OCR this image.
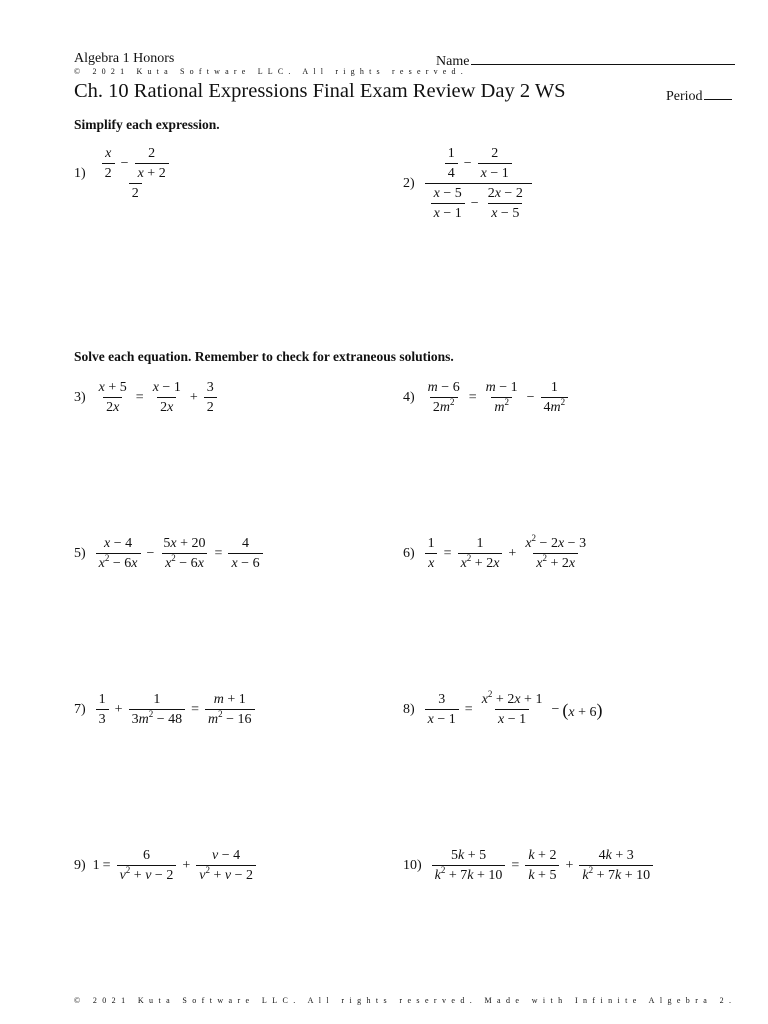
Algebra 1 Honors	Name
© 2021 Kuta Software LLC. All rights reserved.
Ch. 10 Rational Expressions Final Exam Review Day 2 WS	Period
Simplify each expression.
$1) \frac{\frac{x}{2} - \frac{2}{x + 2}}{2}$	$2) \frac{\frac{1}{4} - \frac{2}{x - 1}}{\frac{x - 5}{x - 1} - \frac{2x - 2}{x - 5}}$
Solve each equation. Remember to check for extraneous solutions.
$3) \frac{x + 5}{2x} = \frac{x - 1}{2x} + \frac{3}{2}$	$4) \frac{m - 6}{2m^2} = \frac{m - 1}{m^2} - \frac{1}{4m^2}$
$5) \frac{x - 4}{x^2 - 6x} - \frac{5x + 20}{x^2 - 6x} = \frac{4}{x - 6}$	$6) \frac{1}{x} = \frac{1}{x^2 + 2x} + \frac{x^2 - 2x - 3}{x^2 + 2x}$
$7) \frac{1}{3} + \frac{1}{3m^2 - 48} = \frac{m + 1}{m^2 - 16}$	$8) \frac{3}{x - 1} = \frac{x^2 + 2x + 1}{x - 1} - (x + 6)$
9) $1 = \frac{6}{v^2 + v - 2} + \frac{v - 4}{v^2 + v - 2}$	$10) \frac{5k + 5}{k^2 + 7k + 10} = \frac{k + 2}{k + 5} + \frac{4k + 3}{k^2 + 7k + 10}$
© 2021 Kuta Software LLC. All rights reserved. Made with Infinite Algebra 2.
